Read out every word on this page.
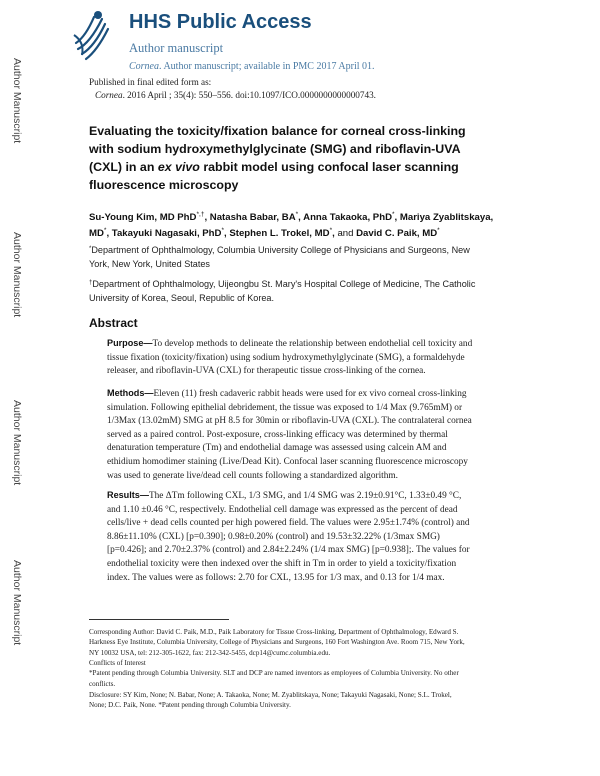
Author Manuscript
Author Manuscript
Author Manuscript
Author Manuscript
HHS Public Access
Author manuscript
Cornea. Author manuscript; available in PMC 2017 April 01.
Published in final edited form as:
Cornea. 2016 April ; 35(4): 550–556. doi:10.1097/ICO.0000000000000743.
Evaluating the toxicity/fixation balance for corneal cross-linking
with sodium hydroxymethylglycinate (SMG) and riboflavin-UVA
(CXL) in an ex vivo rabbit model using confocal laser scanning
fluorescence microscopy
Su-Young Kim, MD PhD*,†, Natasha Babar, BA*, Anna Takaoka, PhD*, Mariya Zyablitskaya,
MD*, Takayuki Nagasaki, PhD*, Stephen L. Trokel, MD*, and David C. Paik, MD*
*Department of Ophthalmology, Columbia University College of Physicians and Surgeons, New
York, New York, United States
†Department of Ophthalmology, Uijeongbu St. Mary's Hospital College of Medicine, The Catholic
University of Korea, Seoul, Republic of Korea.
Abstract
Purpose—To develop methods to delineate the relationship between endothelial cell toxicity and
tissue fixation (toxicity/fixation) using sodium hydroxymethylglycinate (SMG), a formaldehyde
releaser, and riboflavin-UVA (CXL) for therapeutic tissue cross-linking of the cornea.
Methods—Eleven (11) fresh cadaveric rabbit heads were used for ex vivo corneal cross-linking
simulation. Following epithelial debridement, the tissue was exposed to 1/4 Max (9.765mM) or
1/3Max (13.02mM) SMG at pH 8.5 for 30min or riboflavin-UVA (CXL). The contralateral cornea
served as a paired control. Post-exposure, cross-linking efficacy was determined by thermal
denaturation temperature (Tm) and endothelial damage was assessed using calcein AM and
ethidium homodimer staining (Live/Dead Kit). Confocal laser scanning fluorescence microscopy
was used to generate live/dead cell counts following a standardized algorithm.
Results—The ΔTm following CXL, 1/3 SMG, and 1/4 SMG was 2.19±0.91°C, 1.33±0.49 °C,
and 1.10 ±0.46 °C, respectively. Endothelial cell damage was expressed as the percent of dead
cells/live + dead cells counted per high powered field. The values were 2.95±1.74% (control) and
8.86±11.10% (CXL) [p=0.390]; 0.98±0.20% (control) and 19.53±32.22% (1/3max SMG)
[p=0.426]; and 2.70±2.37% (control) and 2.84±2.24% (1/4 max SMG) [p=0.938];. The values for
endothelial toxicity were then indexed over the shift in Tm in order to yield a toxicity/fixation
index. The values were as follows: 2.70 for CXL, 13.95 for 1/3 max, and 0.13 for 1/4 max.
Corresponding Author: David C. Paik, M.D., Paik Laboratory for Tissue Cross-linking, Department of Ophthalmology, Edward S.
Harkness Eye Institute, Columbia University, College of Physicians and Surgeons, 160 Fort Washington Ave. Room 715, New York,
NY 10032 USA, tel: 212-305-1622, fax: 212-342-5455, dcp14@cumc.columbia.edu.
Conflicts of Interest
*Patent pending through Columbia University. SLT and DCP are named inventors as employees of Columbia University. No other
conflicts.
Disclosure: SY Kim, None; N. Babar, None; A. Takaoka, None; M. Zyablitskaya, None; Takayuki Nagasaki, None; S.L. Trokel,
None; D.C. Paik, None. *Patent pending through Columbia University.
